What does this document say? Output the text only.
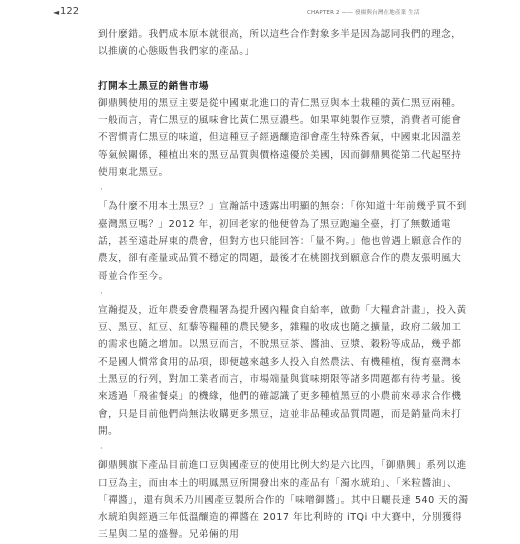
◄ 122	CHAPTER 2 —— 發揚與台灣在地產業 生活

到什麼錯。我們成本原本就很高，所以這些合作對象多半是因為認同我們的理念，以推廣的心態販售我們家的產品。」

打開本土黑豆的銷售市場

御鼎興使用的黑豆主要是從中國東北進口的青仁黑豆與本土栽種的黃仁黑豆兩種。一般而言，青仁黑豆的風味會比黃仁黑豆濃些。如果單純製作豆漿，消費者可能會不習慣青仁黑豆的味道，但這種豆子經過釀造卻會產生特殊香氣，中國東北因溫差等氣候關係，種植出來的黑豆品質與價格遠優於美國，因而御鼎興從第二代起堅持使用東北黑豆。

·

「為什麼不用本土黑豆？」宣瀚話中透露出明顯的無奈：「你知道十年前幾乎買不到臺灣黑豆嗎？」2012 年，初回老家的他便曾為了黑豆跑遍全臺，打了無數通電話，甚至遠赴屏東的農會，但對方也只能回答：「量不夠。」他也曾遇上願意合作的農友，卻有產量或品質不穩定的問題，最後才在桃園找到願意合作的農友張明風大哥並合作至今。

·

宣瀚提及，近年農委會農糧署為提升國內糧食自給率，啟動「大糧倉計畫」，投入黃豆、黑豆、紅豆、紅藜等糧種的農民變多，雜糧的收成也隨之擴量，政府二級加工的需求也隨之增加。以黑豆而言，不脫黑豆茶、醬油、豆漿、穀粉等成品，幾乎都不是國人慣常食用的品項，即便越來越多人投入自然農法、有機種植，復育臺灣本土黑豆的行列，對加工業者而言，市場端量與賞味期限等諸多問題都有待考量。後來透過「飛雀餐桌」的機緣，他們的確認識了更多種植黑豆的小農前來尋求合作機會，只是目前他們尚無法收購更多黑豆，這並非品種或品質問題，而是銷量尚未打開。

·

御鼎興旗下產品目前進口豆與國產豆的使用比例大約是六比四，「御鼎興」系列以進口豆為主，而由本土的明鳳黑豆所開發出來的產品有「濁水琥珀」、「米粒醬油」、「禪醬」，還有與禾乃川國產豆製所合作的「味噌御醬」。其中日曬長達 540 天的濁水琥珀與經過三年低溫釀造的禪醬在 2017 年比利時的 iTQi 中大賽中，分別獲得三星與二星的盛譽。兄弟倆的用
